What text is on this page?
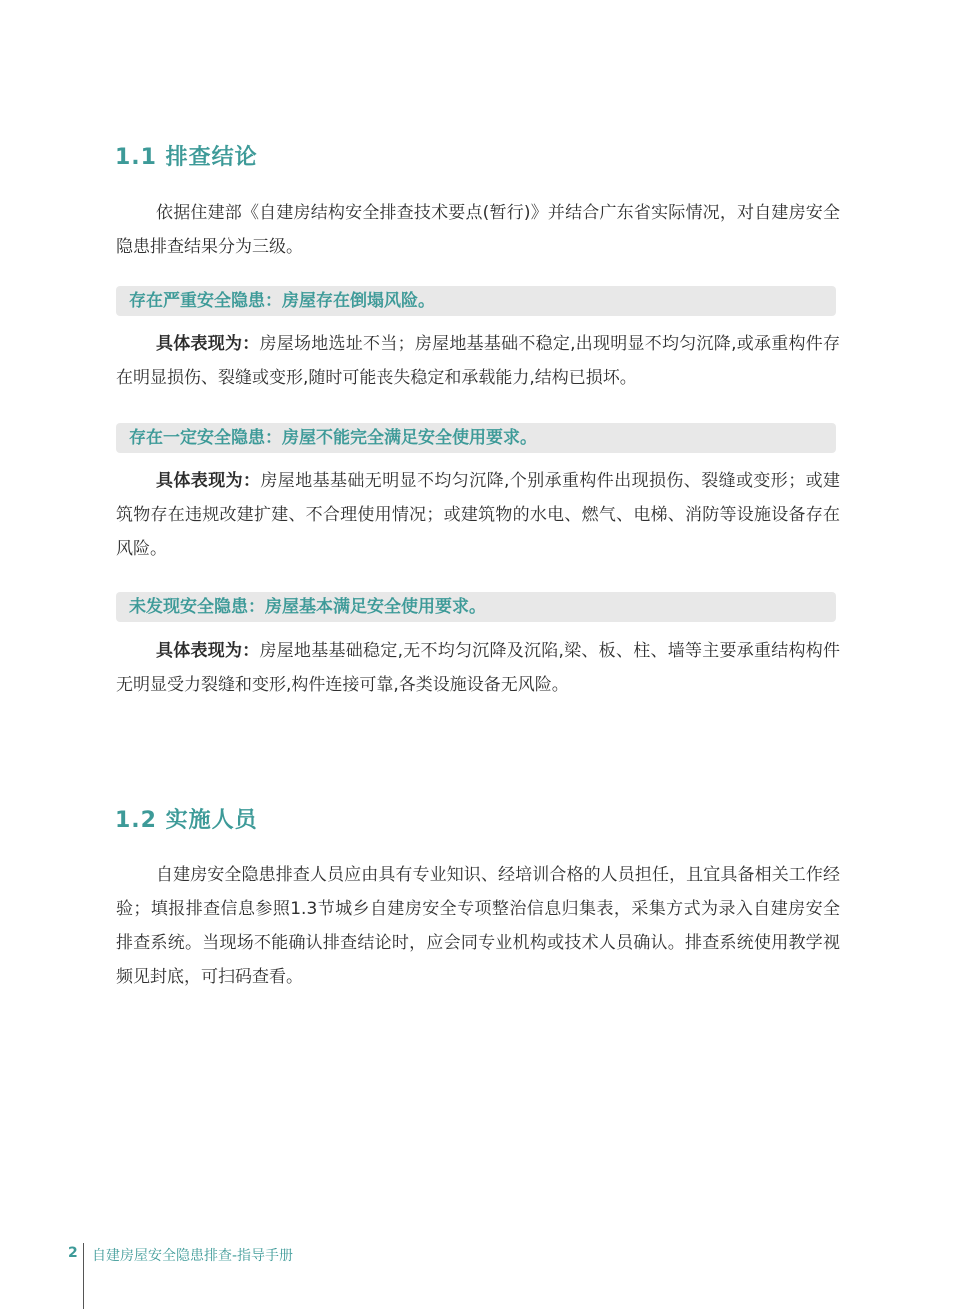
1.1 排查结论

依据住建部《自建房结构安全排查技术要点(暂行)》并结合广东省实际情况，对自建房安全隐患排查结果分为三级。

存在严重安全隐患：房屋存在倒塌风险。

具体表现为：房屋场地选址不当；房屋地基基础不稳定,出现明显不均匀沉降,或承重构件存在明显损伤、裂缝或变形,随时可能丧失稳定和承载能力,结构已损坏。

存在一定安全隐患：房屋不能完全满足安全使用要求。

具体表现为：房屋地基基础无明显不均匀沉降,个别承重构件出现损伤、裂缝或变形；或建筑物存在违规改建扩建、不合理使用情况；或建筑物的水电、燃气、电梯、消防等设施设备存在风险。

未发现安全隐患：房屋基本满足安全使用要求。

具体表现为：房屋地基基础稳定,无不均匀沉降及沉陷,梁、板、柱、墙等主要承重结构构件无明显受力裂缝和变形,构件连接可靠,各类设施设备无风险。

1.2 实施人员

自建房安全隐患排查人员应由具有专业知识、经培训合格的人员担任，且宜具备相关工作经验；填报排查信息参照1.3节城乡自建房安全专项整治信息归集表，采集方式为录入自建房安全排查系统。当现场不能确认排查结论时，应会同专业机构或技术人员确认。排查系统使用教学视频见封底，可扫码查看。

2 自建房屋安全隐患排查-指导手册
